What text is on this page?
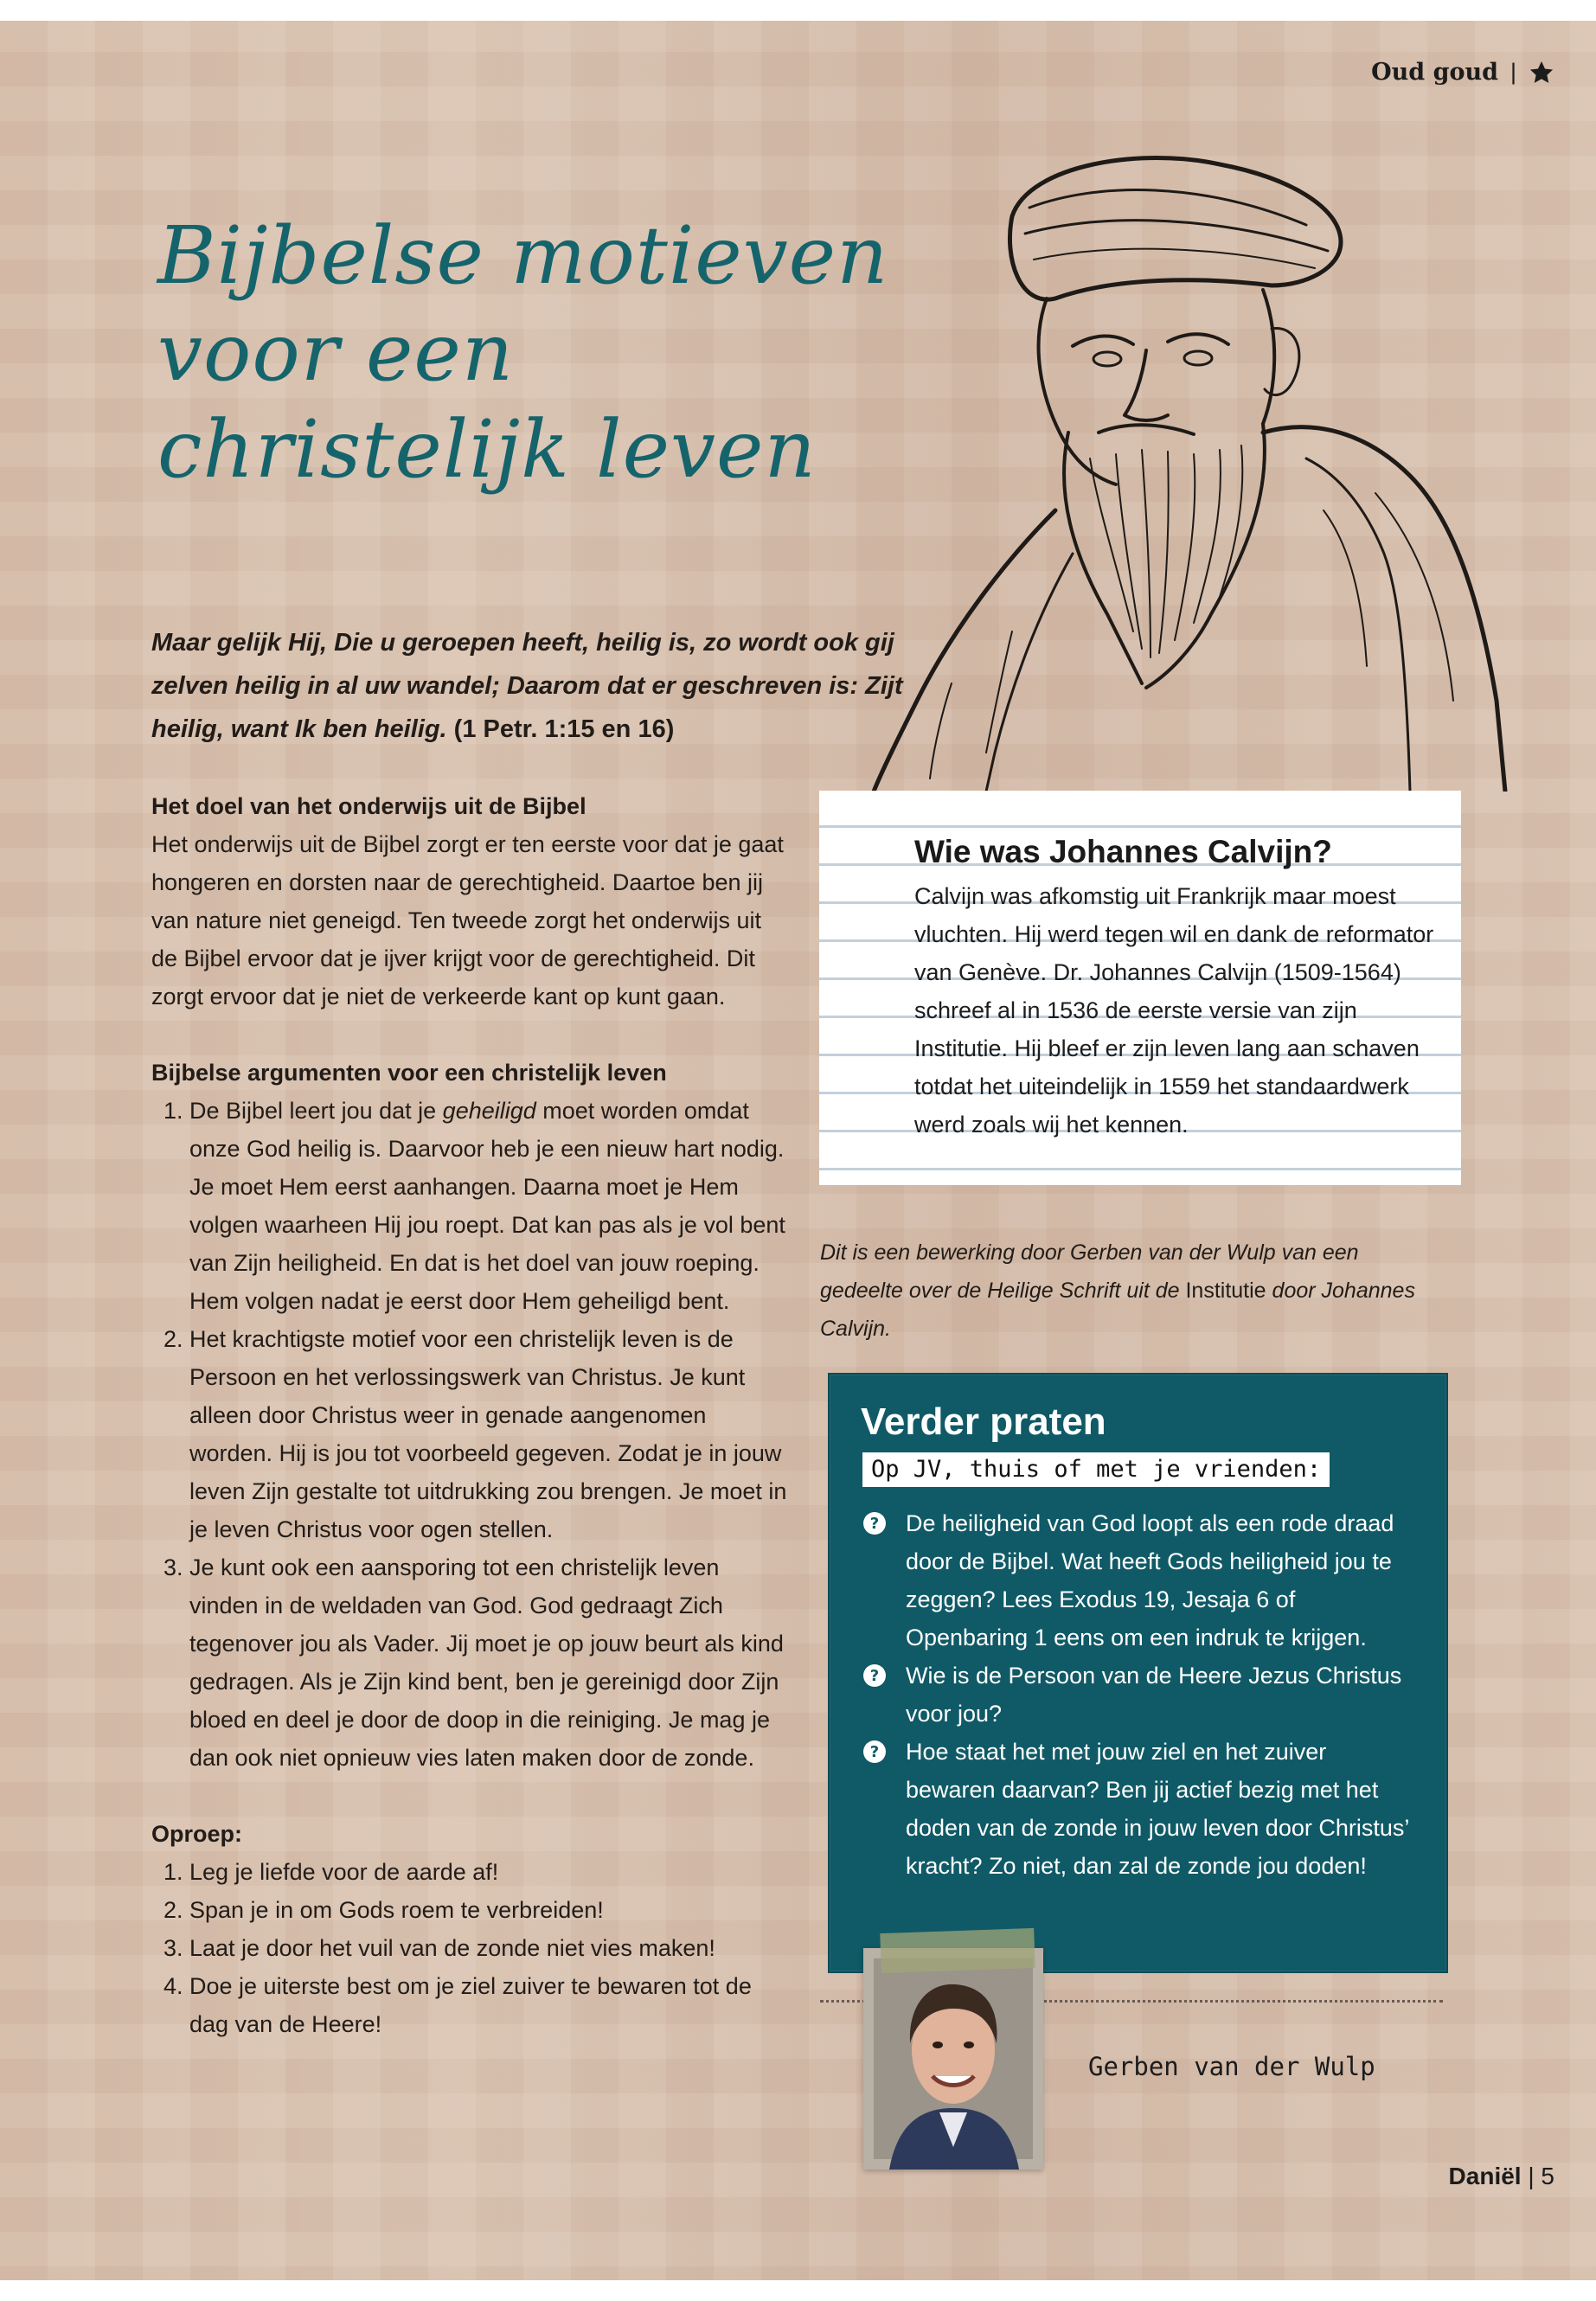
Oud goud |
Bijbelse motieven
voor een
christelijk leven

Maar gelijk Hij, Die u geroepen heeft, heilig is, zo wordt ook gij zelven heilig in al uw wandel; Daarom dat er geschreven is: Zijt heilig, want Ik ben heilig. (1 Petr. 1:15 en 16)

Het doel van het onderwijs uit de Bijbel

Het onderwijs uit de Bijbel zorgt er ten eerste voor dat je gaat hongeren en dorsten naar de gerechtigheid. Daartoe ben jij van nature niet geneigd. Ten tweede zorgt het onderwijs uit de Bijbel ervoor dat je ijver krijgt voor de gerechtigheid. Dit zorgt ervoor dat je niet de verkeerde kant op kunt gaan.

Bijbelse argumenten voor een christelijk leven
1. De Bijbel leert jou dat je geheiligd moet worden omdat onze God heilig is. Daarvoor heb je een nieuw hart nodig. Je moet Hem eerst aanhangen. Daarna moet je Hem volgen waarheen Hij jou roept. Dat kan pas als je vol bent van Zijn heiligheid. En dat is het doel van jouw roeping. Hem volgen nadat je eerst door Hem geheiligd bent.
2. Het krachtigste motief voor een christelijk leven is de Persoon en het verlossingswerk van Christus. Je kunt alleen door Christus weer in genade aangenomen worden. Hij is jou tot voorbeeld gegeven. Zodat je in jouw leven Zijn gestalte tot uitdrukking zou brengen. Je moet in je leven Christus voor ogen stellen.
3. Je kunt ook een aansporing tot een christelijk leven vinden in de weldaden van God. God gedraagt Zich tegenover jou als Vader. Jij moet je op jouw beurt als kind gedragen. Als je Zijn kind bent, ben je gereinigd door Zijn bloed en deel je door de doop in die reiniging. Je mag je dan ook niet opnieuw vies laten maken door de zonde.
Oproep:
1. Leg je liefde voor de aarde af!
2. Span je in om Gods roem te verbreiden!
3. Laat je door het vuil van de zonde niet vies maken!
4. Doe je uiterste best om je ziel zuiver te bewaren tot de dag van de Heere!
Wie was Johannes Calvijn?

Calvijn was afkomstig uit Frankrijk maar moest vluchten. Hij werd tegen wil en dank de reformator van Genève. Dr. Johannes Calvijn (1509-1564) schreef al in 1536 de eerste versie van zijn Institutie. Hij bleef er zijn leven lang aan schaven totdat het uiteindelijk in 1559 het standaardwerk werd zoals wij het kennen.

Dit is een bewerking door Gerben van der Wulp van een gedeelte over de Heilige Schrift uit de Institutie door Johannes Calvijn.

Verder praten
Op JV, thuis of met je vrienden:
? De heiligheid van God loopt als een rode draad door de Bijbel. Wat heeft Gods heiligheid jou te zeggen? Lees Exodus 19, Jesaja 6 of Openbaring 1 eens om een indruk te krijgen.
? Wie is de Persoon van de Heere Jezus Christus voor jou?
? Hoe staat het met jouw ziel en het zuiver bewaren daarvan? Ben jij actief bezig met het doden van de zonde in jouw leven door Christus’ kracht? Zo niet, dan zal de zonde jou doden!
Gerben van der Wulp
Daniël | 5
